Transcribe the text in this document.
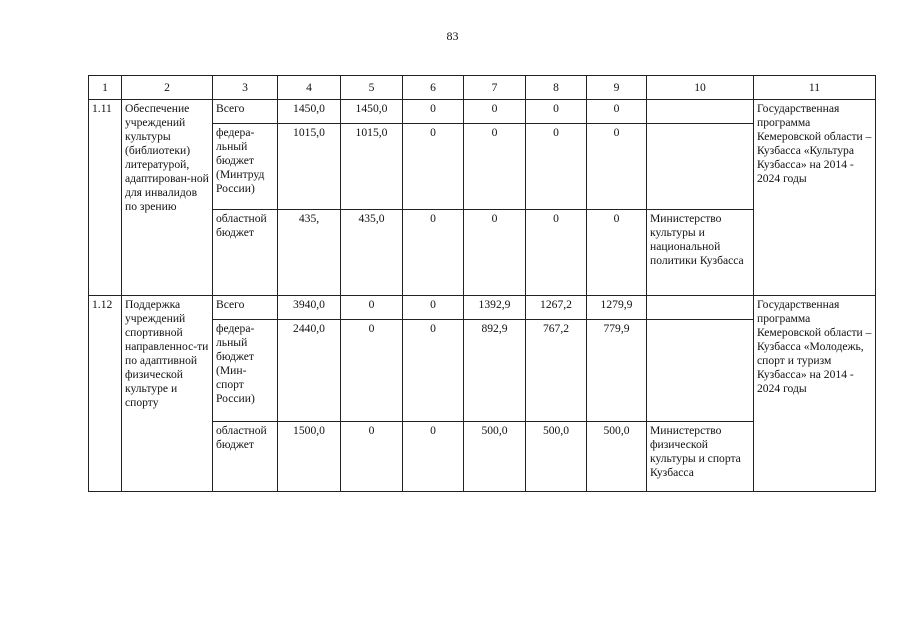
83
1	2	3	4	5	6	7	8	9	10	11
1.11	Обеспечение учреждений культуры (библиотеки) литературой, адаптирован-ной для инвалидов по зрению	Всего	1450,0	1450,0	0	0	0	0		Государственная программа Кемеровской области – Кузбасса «Культура Кузбасса» на 2014 - 2024 годы
		федера-льный бюджет (Минтруд России)	1015,0	1015,0	0	0	0	0		
		областной бюджет	435,	435,0	0	0	0	0	Министерство культуры и национальной политики Кузбасса	
1.12	Поддержка учреждений спортивной направленнос-ти по адаптивной физической культуре и спорту	Всего	3940,0	0	0	1392,9	1267,2	1279,9		Государственная программа Кемеровской области – Кузбасса «Молодежь, спорт и туризм Кузбасса» на 2014 - 2024 годы
		федера-льный бюджет (Мин-спорт России)	2440,0	0	0	892,9	767,2	779,9		
		областной бюджет	1500,0	0	0	500,0	500,0	500,0	Министерство физической культуры и спорта Кузбасса	
